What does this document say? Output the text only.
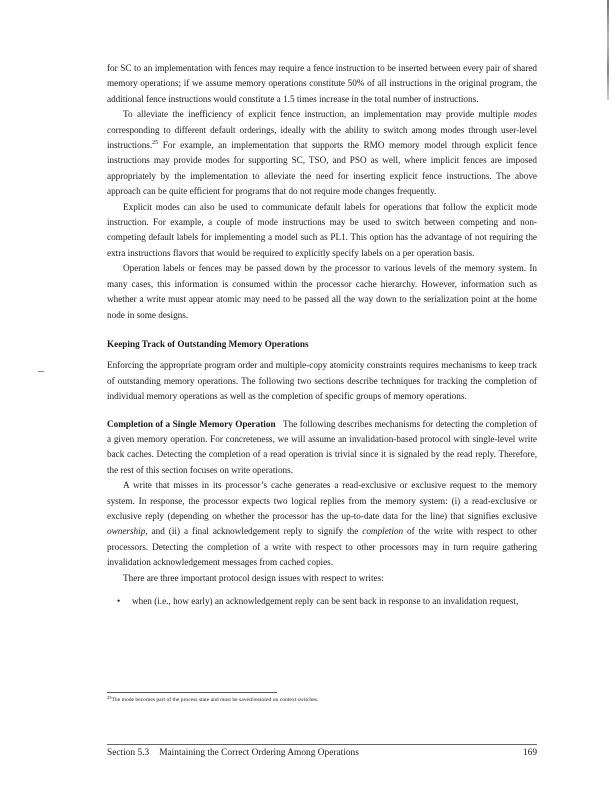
for SC to an implementation with fences may require a fence instruction to be inserted between every pair of shared memory operations; if we assume memory operations constitute 50% of all instructions in the original program, the additional fence instructions would constitute a 1.5 times increase in the total number of instructions.

To alleviate the inefficiency of explicit fence instruction, an implementation may provide multiple modes corresponding to different default orderings, ideally with the ability to switch among modes through user-level instructions.$^{25}$ For example, an implementation that supports the RMO memory model through explicit fence instructions may provide modes for supporting SC, TSO, and PSO as well, where implicit fences are imposed appropriately by the implementation to alleviate the need for inserting explicit fence instructions. The above approach can be quite efficient for programs that do not require mode changes frequently.

Explicit modes can also be used to communicate default labels for operations that follow the explicit mode instruction. For example, a couple of mode instructions may be used to switch between competing and non-competing default labels for implementing a model such as PL1. This option has the advantage of not requiring the extra instructions flavors that would be required to explicitly specify labels on a per operation basis.

Operation labels or fences may be passed down by the processor to various levels of the memory system. In many cases, this information is consumed within the processor cache hierarchy. However, information such as whether a write must appear atomic may need to be passed all the way down to the serialization point at the home node in some designs.

Keeping Track of Outstanding Memory Operations

Enforcing the appropriate program order and multiple-copy atomicity constraints requires mechanisms to keep track of outstanding memory operations. The following two sections describe techniques for tracking the completion of individual memory operations as well as the completion of specific groups of memory operations.

Completion of a Single Memory Operation The following describes mechanisms for detecting the completion of a given memory operation. For concreteness, we will assume an invalidation-based protocol with single-level write back caches. Detecting the completion of a read operation is trivial since it is signaled by the read reply. Therefore, the rest of this section focuses on write operations.

A write that misses in its processor’s cache generates a read-exclusive or exclusive request to the memory system. In response, the processor expects two logical replies from the memory system: (i) a read-exclusive or exclusive reply (depending on whether the processor has the up-to-date data for the line) that signifies exclusive ownership, and (ii) a final acknowledgement reply to signify the completion of the write with respect to other processors. Detecting the completion of a write with respect to other processors may in turn require gathering invalidation acknowledgement messages from cached copies.

There are three important protocol design issues with respect to writes:

• when (i.e., how early) an acknowledgement reply can be sent back in response to an invalidation request,
$^{25}$The mode becomes part of the process state and must be saved/restored on context switches.
Section 5.3 Maintaining the Correct Ordering Among Operations	169
